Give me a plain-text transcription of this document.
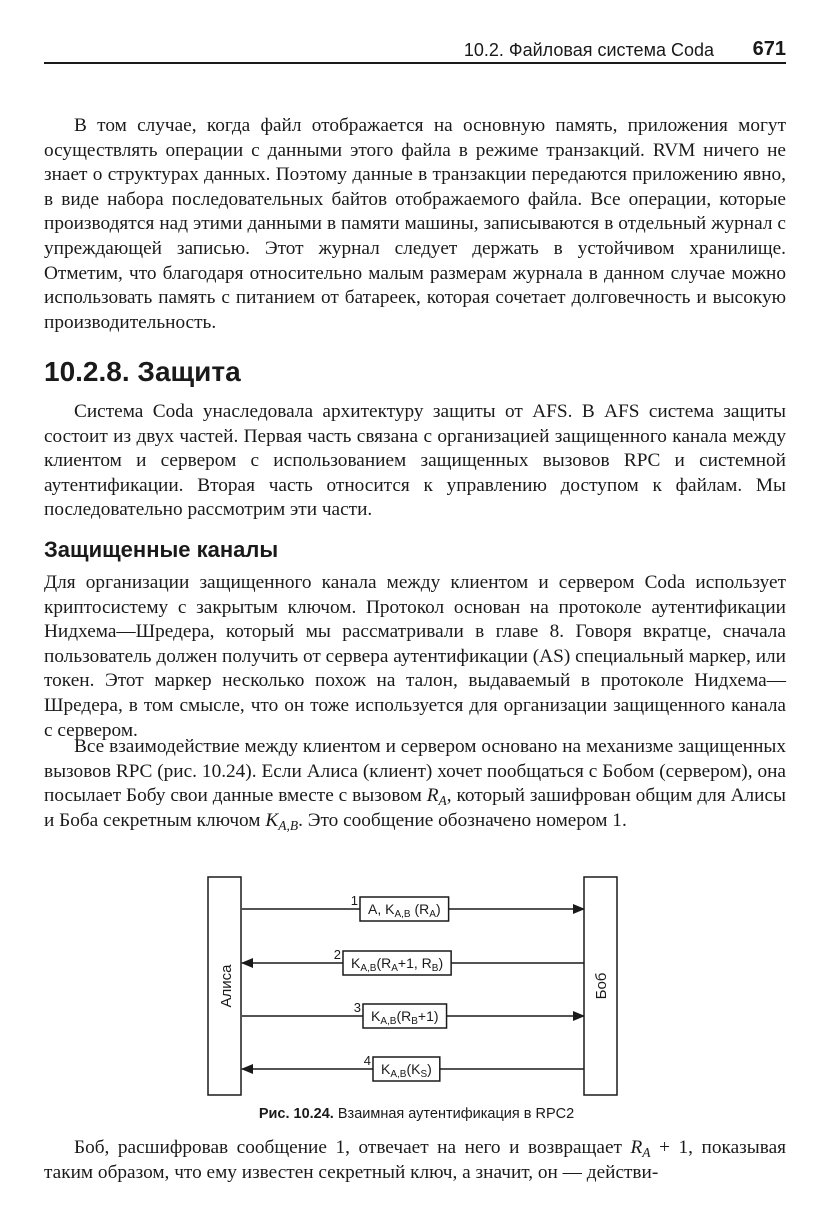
10.2. Файловая система Coda 671

В том случае, когда файл отображается на основную память, приложения могут осуществлять операции с данными этого файла в режиме транзакций. RVM ничего не знает о структурах данных. Поэтому данные в транзакции передаются приложению явно, в виде набора последовательных байтов отображаемого файла. Все операции, которые производятся над этими данными в памяти машины, записываются в отдельный журнал с упреждающей записью. Этот журнал следует держать в устойчивом хранилище. Отметим, что благодаря относительно малым размерам журнала в данном случае можно использовать память с питанием от батареек, которая сочетает долговечность и высокую производительность.

10.2.8. Защита

Система Coda унаследовала архитектуру защиты от AFS. В AFS система защиты состоит из двух частей. Первая часть связана с организацией защищенного канала между клиентом и сервером с использованием защищенных вызовов RPC и системной аутентификации. Вторая часть относится к управлению доступом к файлам. Мы последовательно рассмотрим эти части.

Защищенные каналы

Для организации защищенного канала между клиентом и сервером Coda использует криптосистему с закрытым ключом. Протокол основан на протоколе аутентификации Нидхема—Шредера, который мы рассматривали в главе 8. Говоря вкратце, сначала пользователь должен получить от сервера аутентификации (AS) специальный маркер, или токен. Этот маркер несколько похож на талон, выдаваемый в протоколе Нидхема—Шредера, в том смысле, что он тоже используется для организации защищенного канала с сервером.

Все взаимодействие между клиентом и сервером основано на механизме защищенных вызовов RPC (рис. 10.24). Если Алиса (клиент) хочет пообщаться с Бобом (сервером), она посылает Бобу свои данные вместе с вызовом $R_A$, который зашифрован общим для Алисы и Боба секретным ключом $K_{A,B}$. Это сообщение обозначено номером 1.

Алиса	Боб
A, $K_{A,B}$ $(R_A)$
1
$K_{A,B}(R_A+1$, $R_B$)
2
$K_{A,B}(R_B+1)$
3
$K_{A,B}(K_S)$
4
Рис. 10.24. Взаимная аутентификация в RPC2

Боб, расшифровав сообщение 1, отвечает на него и возвращает $R_A + 1$, показывая таким образом, что ему известен секретный ключ, а значит, он — действи-
